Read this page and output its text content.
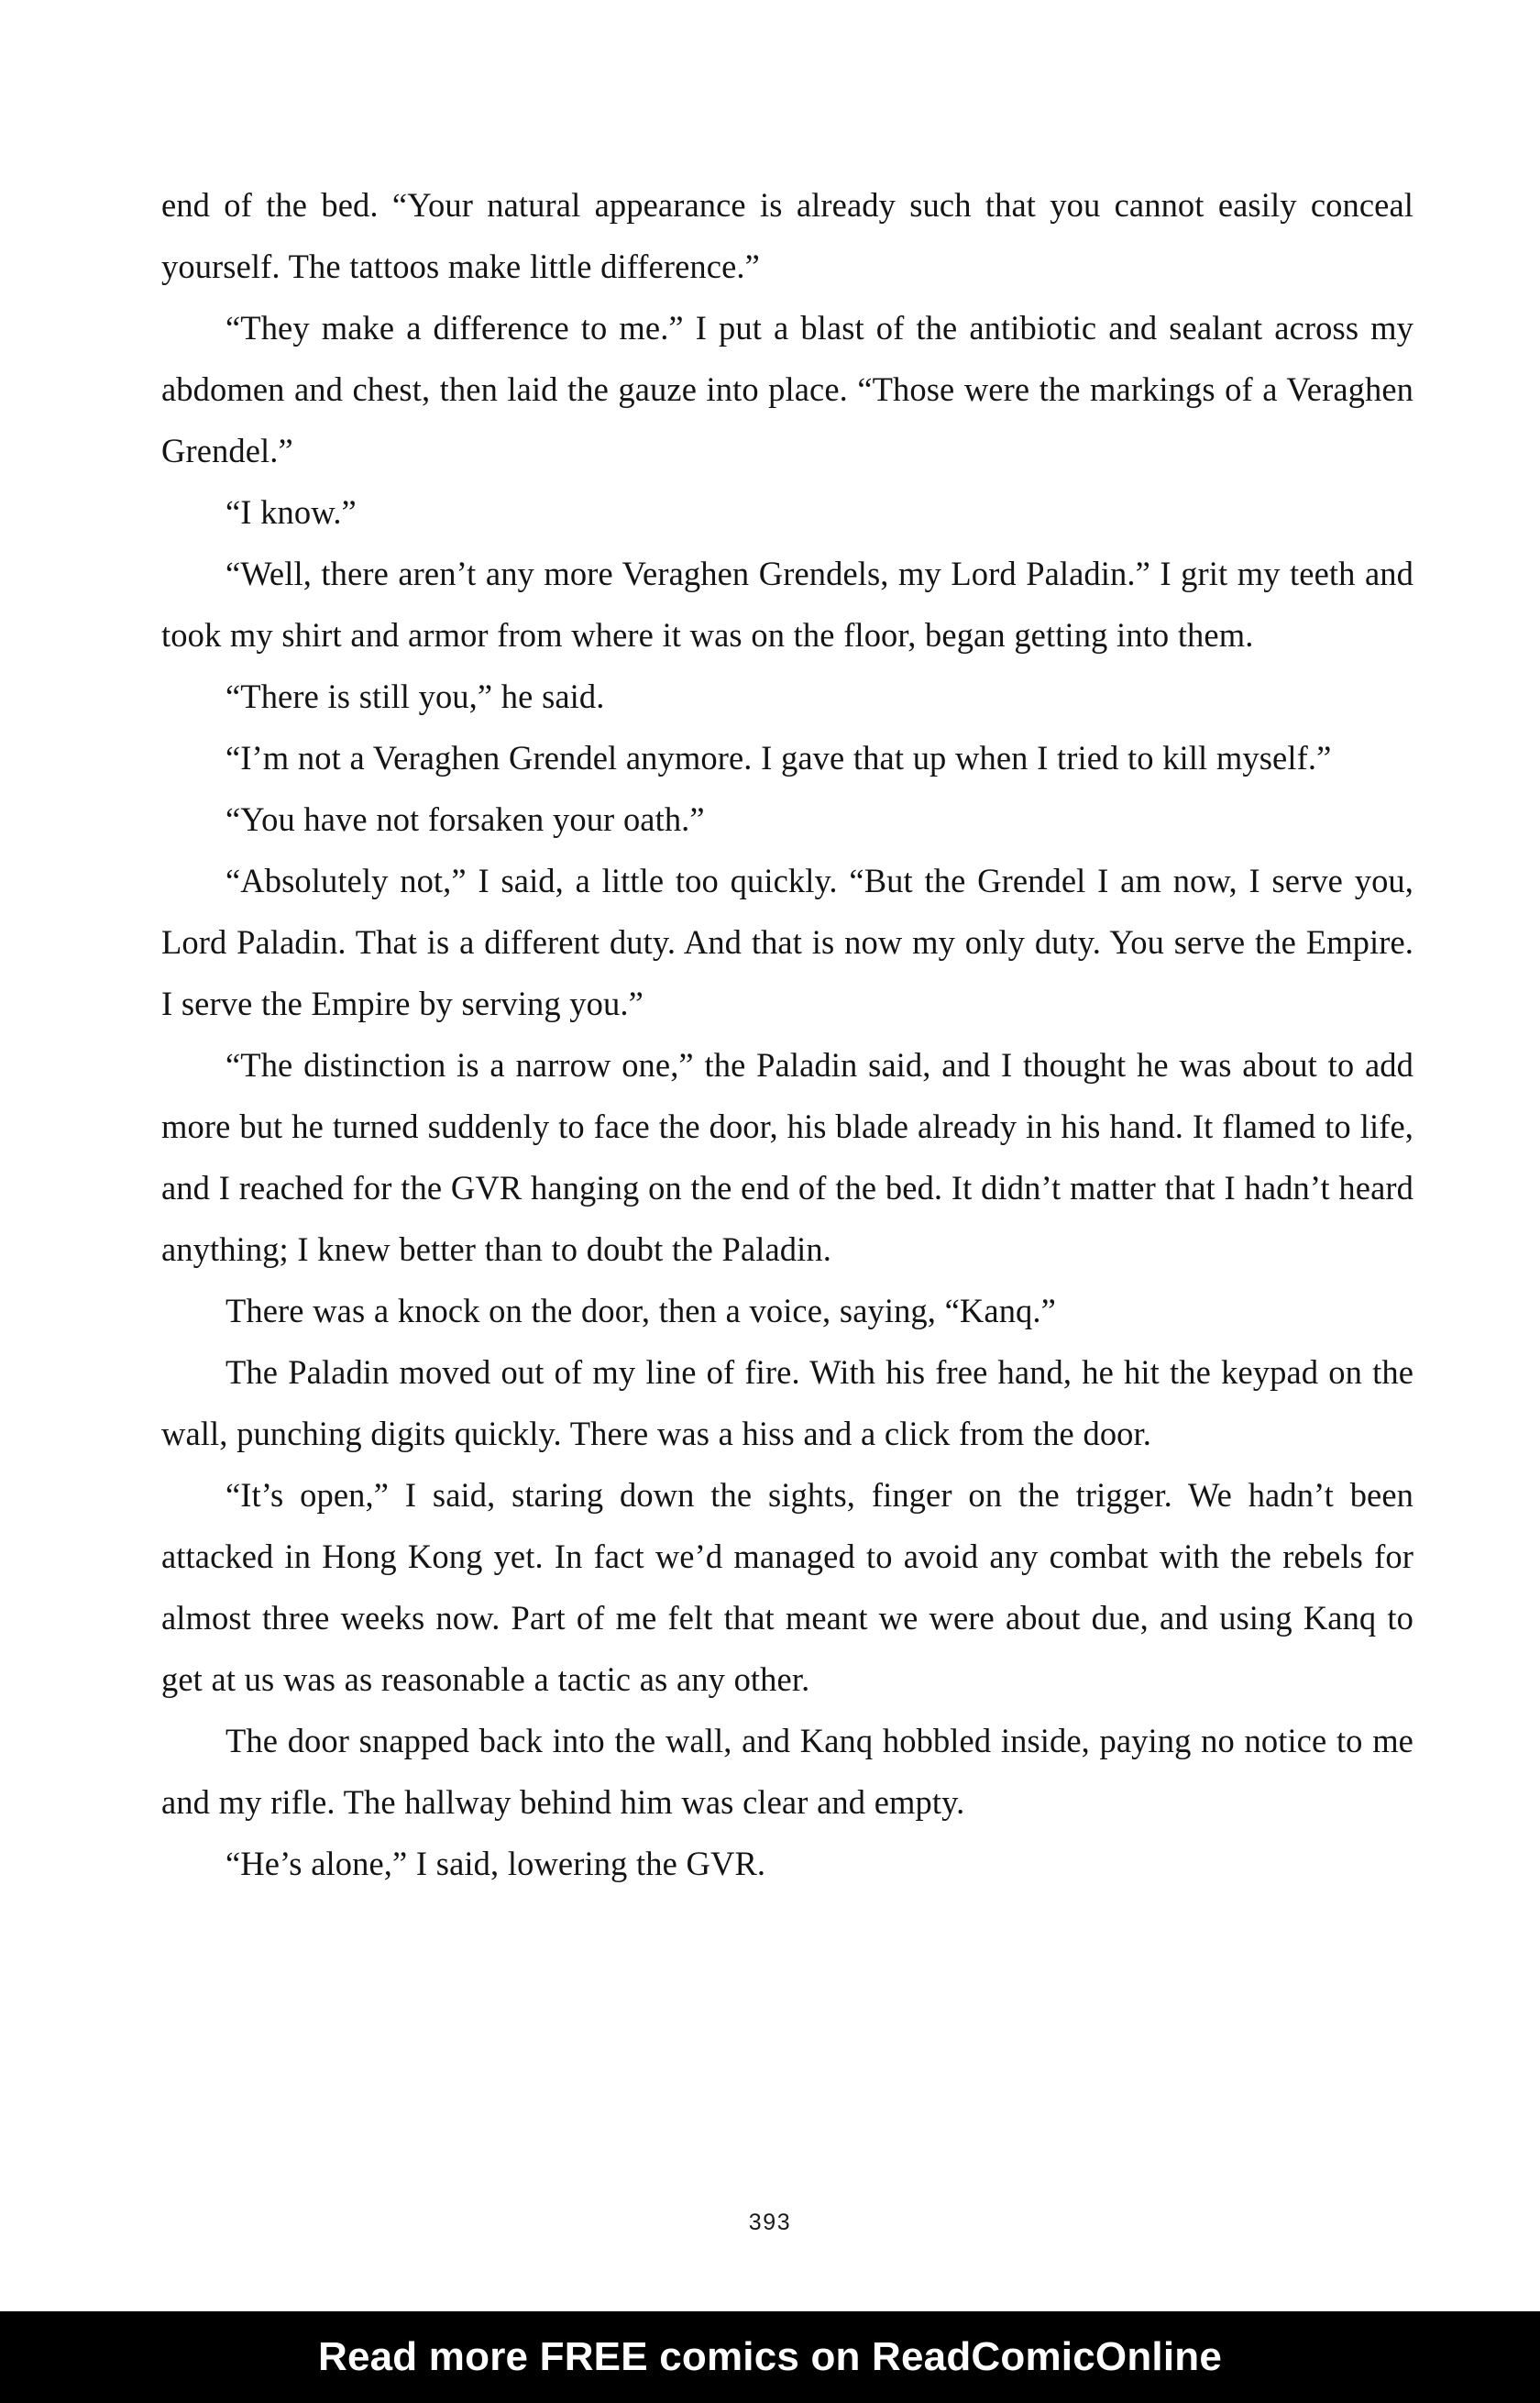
end of the bed. “Your natural appearance is already such that you cannot easily conceal yourself. The tattoos make little difference.”

“They make a difference to me.” I put a blast of the antibiotic and sealant across my abdomen and chest, then laid the gauze into place. “Those were the markings of a Veraghen Grendel.”

“I know.”

“Well, there aren’t any more Veraghen Grendels, my Lord Paladin.” I grit my teeth and took my shirt and armor from where it was on the floor, began getting into them.

“There is still you,” he said.

“I’m not a Veraghen Grendel anymore. I gave that up when I tried to kill myself.”

“You have not forsaken your oath.”

“Absolutely not,” I said, a little too quickly. “But the Grendel I am now, I serve you, Lord Paladin. That is a different duty. And that is now my only duty. You serve the Empire. I serve the Empire by serving you.”

“The distinction is a narrow one,” the Paladin said, and I thought he was about to add more but he turned suddenly to face the door, his blade already in his hand. It flamed to life, and I reached for the GVR hanging on the end of the bed. It didn’t matter that I hadn’t heard anything; I knew better than to doubt the Paladin.

There was a knock on the door, then a voice, saying, “Kanq.”

The Paladin moved out of my line of fire. With his free hand, he hit the keypad on the wall, punching digits quickly. There was a hiss and a click from the door.

“It’s open,” I said, staring down the sights, finger on the trigger. We hadn’t been attacked in Hong Kong yet. In fact we’d managed to avoid any combat with the rebels for almost three weeks now. Part of me felt that meant we were about due, and using Kanq to get at us was as reasonable a tactic as any other.

The door snapped back into the wall, and Kanq hobbled inside, paying no notice to me and my rifle. The hallway behind him was clear and empty.

“He’s alone,” I said, lowering the GVR.

393
Read more FREE comics on ReadComicOnline
